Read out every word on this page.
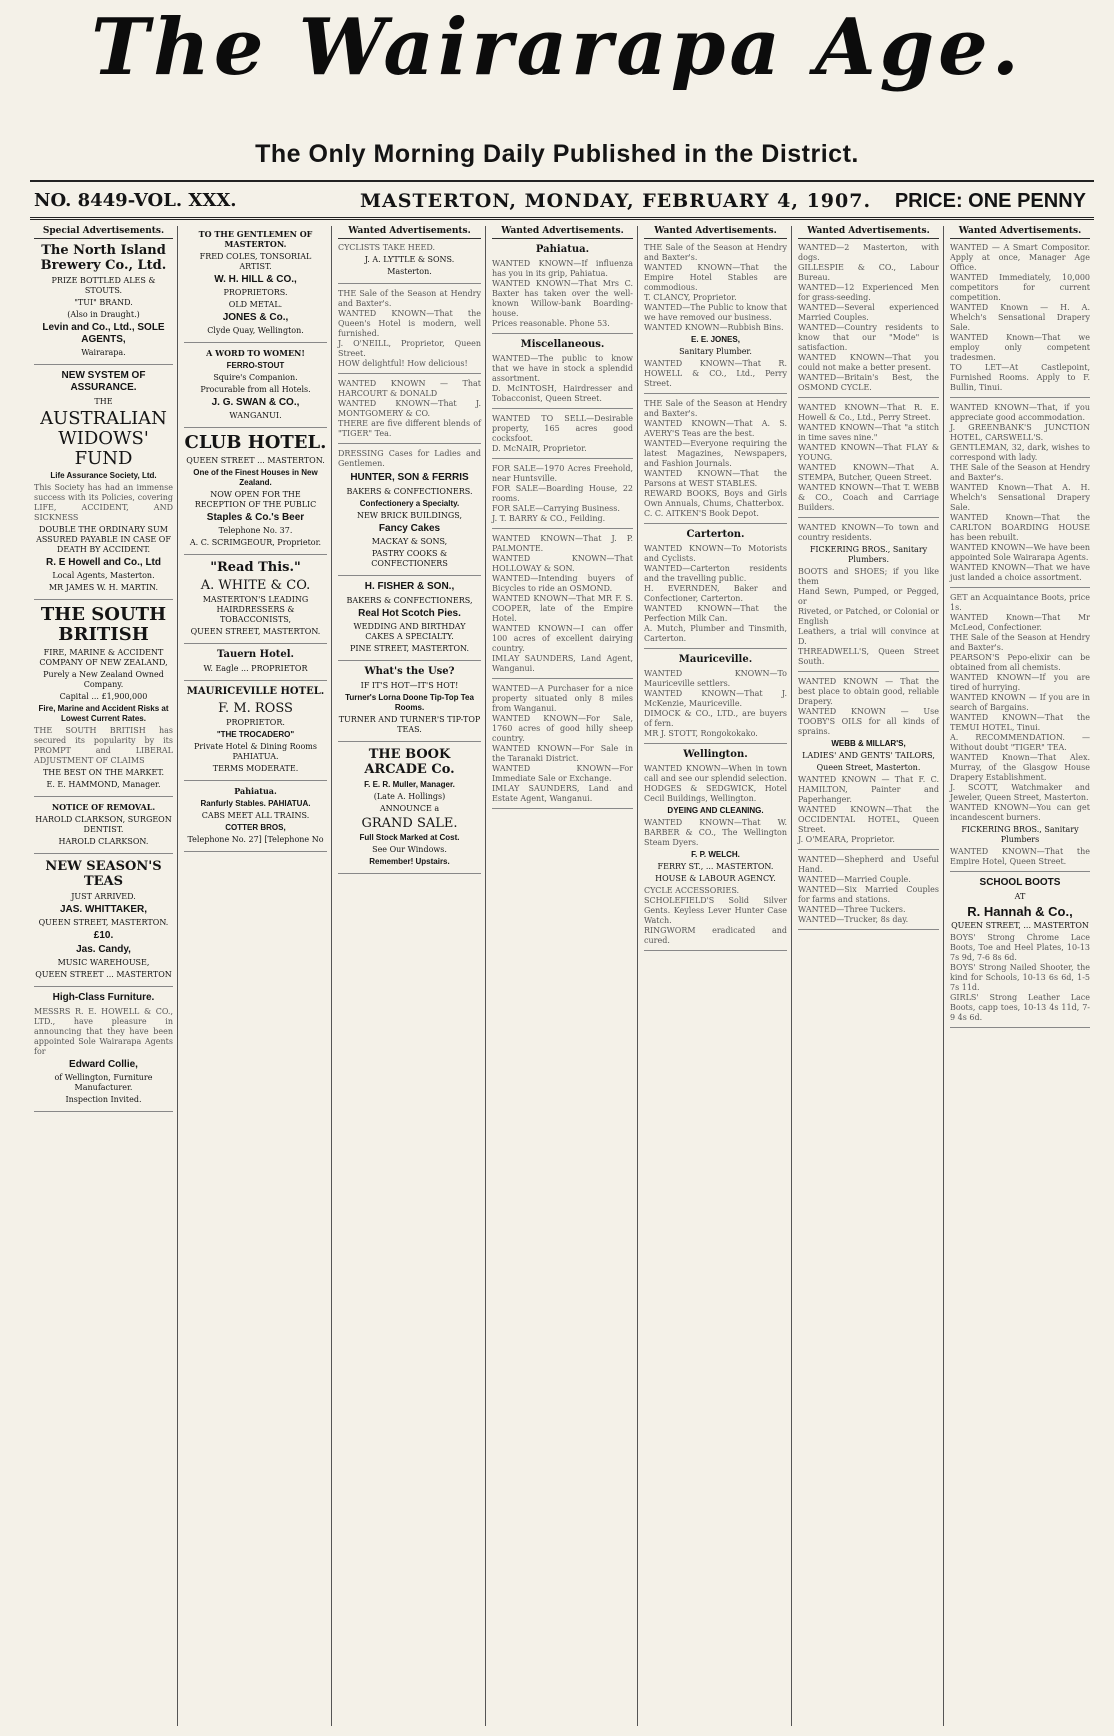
The Wairarapa Age.
The Only Morning Daily Published in the District.
NO. 8449-VOL. XXX.	MASTERTON, MONDAY, FEBRUARY 4, 1907. PRICE: ONE PENNY
Special Advertisements.
The North Island Brewery Co., Ltd.
PRIZE BOTTLED ALES & STOUTS.
"TUI" BRAND.
(Also in Draught.)
Levin and Co., Ltd., SOLE AGENTS,
Wairarapa.
NEW SYSTEM OF ASSURANCE.
THE
AUSTRALIAN WIDOWS' FUND
Life Assurance Society, Ltd.
This Society has had an immense success with its Policies, covering LIFE, ACCIDENT, AND SICKNESS
DOUBLE THE ORDINARY SUM ASSURED PAYABLE IN CASE OF DEATH BY ACCIDENT.
R. E Howell and Co., Ltd
Local Agents, Masterton.
MR JAMES W. H. MARTIN.
THE SOUTH BRITISH
FIRE, MARINE & ACCIDENT COMPANY OF NEW ZEALAND,
Purely a New Zealand Owned Company.
Capital ... £1,900,000
Fire, Marine and Accident Risks at Lowest Current Rates.
THE SOUTH BRITISH has secured its popularity by its PROMPT and LIBERAL ADJUSTMENT OF CLAIMS
THE BEST ON THE MARKET.
E. E. HAMMOND, Manager.
NOTICE OF REMOVAL.
HAROLD CLARKSON, SURGEON DENTIST.
HAROLD CLARKSON.
NEW SEASON'S TEAS
JUST ARRIVED.
JAS. WHITTAKER,
QUEEN STREET, MASTERTON.
£10.
Jas. Candy,
MUSIC WAREHOUSE,
QUEEN STREET ... MASTERTON
High-Class Furniture.
MESSRS R. E. HOWELL & CO., LTD., have pleasure in announcing that they have been appointed Sole Wairarapa Agents for
Edward Collie,
of Wellington, Furniture Manufacturer.
Inspection Invited.
TO THE GENTLEMEN OF MASTERTON.
FRED COLES, TONSORIAL ARTIST.
W. H. HILL & CO.,
PROPRIETORS.
OLD METAL.
JONES & Co.,
Clyde Quay, Wellington.
A WORD TO WOMEN!
FERRO-STOUT
Squire's Companion.
Procurable from all Hotels.
J. G. SWAN & CO.,
WANGANUI.
CLUB HOTEL.
QUEEN STREET ... MASTERTON.
One of the Finest Houses in New Zealand.
NOW OPEN FOR THE RECEPTION OF THE PUBLIC
Staples & Co.'s Beer
Telephone No. 37.
A. C. SCRIMGEOUR, Proprietor.
"Read This."
A. WHITE & CO.
MASTERTON'S LEADING HAIRDRESSERS & TOBACCONISTS,
QUEEN STREET, MASTERTON.
Tauern Hotel.
W. Eagle ... PROPRIETOR
MAURICEVILLE HOTEL.
F. M. ROSS
PROPRIETOR.
"THE TROCADERO"
Private Hotel & Dining Rooms PAHIATUA.
TERMS MODERATE.
Pahiatua.
Ranfurly Stables. PAHIATUA.
CABS MEET ALL TRAINS.
COTTER BROS,
Telephone No. 27] [Telephone No
Wanted Advertisements.
CYCLISTS TAKE HEED.
J. A. LYTTLE & SONS.
Masterton.
THE Sale of the Season at Hendry and Baxter's.
WANTED KNOWN—That the Queen's Hotel is modern, well furnished.
J. O'NEILL, Proprietor, Queen Street.
HOW delightful! How delicious!
WANTED KNOWN — That HARCOURT & DONALD
WANTED KNOWN—That J. MONTGOMERY & CO.
THERE are five different blends of "TIGER" Tea.
DRESSING Cases for Ladies and Gentlemen.
HUNTER, SON & FERRIS
BAKERS & CONFECTIONERS.
Confectionery a Specialty.
NEW BRICK BUILDINGS,
Fancy Cakes
MACKAY & SONS,
PASTRY COOKS & CONFECTIONERS
H. FISHER & SON.,
BAKERS & CONFECTIONERS,
Real Hot Scotch Pies.
WEDDING AND BIRTHDAY CAKES A SPECIALTY.
PINE STREET, MASTERTON.
What's the Use?
IF IT'S HOT—IT'S HOT!
Turner's Lorna Doone Tip-Top Tea Rooms.
TURNER AND TURNER'S TIP-TOP TEAS.
THE BOOK ARCADE Co.
F. E. R. Muller, Manager.
(Late A. Hollings)
ANNOUNCE a
GRAND SALE.
Full Stock Marked at Cost.
See Our Windows.
Remember! Upstairs.
Wanted Advertisements.
Pahiatua.
WANTED KNOWN—If influenza has you in its grip, Pahiatua.
WANTED KNOWN—That Mrs C. Baxter has taken over the well-known Willow-bank Boarding-house.
Prices reasonable. Phone 53.
Miscellaneous.
WANTED—The public to know that we have in stock a splendid assortment.
D. McINTOSH, Hairdresser and Tobacconist, Queen Street.
WANTED TO SELL—Desirable property, 165 acres good cocksfoot.
D. McNAIR, Proprietor.
FOR SALE—1970 Acres Freehold, near Huntsville.
FOR SALE—Boarding House, 22 rooms.
FOR SALE—Carrying Business.
J. T. BARRY & CO., Feilding.
WANTED KNOWN—That J. P. PALMONTE.
WANTED KNOWN—That HOLLOWAY & SON.
WANTED—Intending buyers of Bicycles to ride an OSMOND.
WANTED KNOWN—That MR F. S. COOPER, late of the Empire Hotel.
WANTED KNOWN—I can offer 100 acres of excellent dairying country.
IMLAY SAUNDERS, Land Agent, Wanganui.
WANTED—A Purchaser for a nice property situated only 8 miles from Wanganui.
WANTED KNOWN—For Sale, 1760 acres of good hilly sheep country.
WANTED KNOWN—For Sale in the Taranaki District.
WANTED KNOWN—For Immediate Sale or Exchange.
IMLAY SAUNDERS, Land and Estate Agent, Wanganui.
Wanted Advertisements.
THE Sale of the Season at Hendry and Baxter's.
WANTED KNOWN—That the Empire Hotel Stables are commodious.
T. CLANCY, Proprietor.
WANTED—The Public to know that we have removed our business.
WANTED KNOWN—Rubbish Bins.
E. E. JONES,
Sanitary Plumber.
WANTED KNOWN—That R. HOWELL & CO., Ltd., Perry Street.
THE Sale of the Season at Hendry and Baxter's.
WANTED KNOWN—That A. S. AVERY'S Teas are the best.
WANTED—Everyone requiring the latest Magazines, Newspapers, and Fashion Journals.
WANTED KNOWN—That the Parsons at WEST STABLES.
REWARD BOOKS, Boys and Girls Own Annuals, Chums, Chatterbox.
C. C. AITKEN'S Book Depot.
Carterton.
WANTED KNOWN—To Motorists and Cyclists.
WANTED—Carterton residents and the travelling public.
H. EVERNDEN, Baker and Confectioner, Carterton.
WANTED KNOWN—That the Perfection Milk Can.
A. Mutch, Plumber and Tinsmith, Carterton.
Mauriceville.
WANTED KNOWN—To Mauriceville settlers.
WANTED KNOWN—That J. McKenzie, Mauriceville.
DIMOCK & CO., LTD., are buyers of fern.
MR J. STOTT, Rongokokako.
Wellington.
WANTED KNOWN—When in town call and see our splendid selection.
HODGES & SEDGWICK, Hotel Cecil Buildings, Wellington.
DYEING AND CLEANING.
WANTED KNOWN—That W. BARBER & CO., The Wellington Steam Dyers.
F. P. WELCH.
FERRY ST., ... MASTERTON.
HOUSE & LABOUR AGENCY.
CYCLE ACCESSORIES.
SCHOLEFIELD'S Solid Silver Gents. Keyless Lever Hunter Case Watch.
RINGWORM eradicated and cured.
Wanted Advertisements.
WANTED—2 Masterton, with dogs.
GILLESPIE & CO., Labour Bureau.
WANTED—12 Experienced Men for grass-seeding.
WANTED—Several experienced Married Couples.
WANTED—Country residents to know that our "Mode" is satisfaction.
WANTED KNOWN—That you could not make a better present.
WANTED—Britain's Best, the OSMOND CYCLE.
WANTED KNOWN—That R. E. Howell & Co., Ltd., Perry Street.
WANTED KNOWN—That "a stitch in time saves nine."
WANTED KNOWN—That FLAY & YOUNG.
WANTED KNOWN—That A. STEMPA, Butcher, Queen Street.
WANTED KNOWN—That T. WEBB & CO., Coach and Carriage Builders.
WANTED KNOWN—To town and country residents.
FICKERING BROS., Sanitary Plumbers.
BOOTS and SHOES; if you like them
Hand Sewn, Pumped, or Pegged, or
Riveted, or Patched, or Colonial or English
Leathers, a trial will convince at D.
THREADWELL'S, Queen Street South.
WANTED KNOWN — That the best place to obtain good, reliable Drapery.
WANTED KNOWN — Use TOOBY'S OILS for all kinds of sprains.
WEBB & MILLAR'S,
LADIES' AND GENTS' TAILORS,
Queen Street, Masterton.
WANTED KNOWN — That F. C. HAMILTON, Painter and Paperhanger.
WANTED KNOWN—That the OCCIDENTAL HOTEL, Queen Street.
J. O'MEARA, Proprietor.
WANTED—Shepherd and Useful Hand.
WANTED—Married Couple.
WANTED—Six Married Couples for farms and stations.
WANTED—Three Tuckers.
WANTED—Trucker, 8s day.
Wanted Advertisements.
WANTED — A Smart Compositor. Apply at once, Manager Age Office.
WANTED Immediately, 10,000 competitors for current competition.
WANTED Known — H. A. Whelch's Sensational Drapery Sale.
WANTED Known—That we employ only competent tradesmen.
TO LET—At Castlepoint, Furnished Rooms. Apply to F. Bullin, Tinui.
WANTED KNOWN—That, if you appreciate good accommodation.
J. GREENBANK'S JUNCTION HOTEL, CARSWELL'S.
GENTLEMAN, 32, dark, wishes to correspond with lady.
THE Sale of the Season at Hendry and Baxter's.
WANTED Known—That A. H. Whelch's Sensational Drapery Sale.
WANTED Known—That the CARLTON BOARDING HOUSE has been rebuilt.
WANTED KNOWN—We have been appointed Sole Wairarapa Agents.
WANTED KNOWN—That we have just landed a choice assortment.
GET an Acquaintance Boots, price 1s.
WANTED Known—That Mr McLeod, Confectioner.
THE Sale of the Season at Hendry and Baxter's.
PEARSON'S Pepo-elixir can be obtained from all chemists.
WANTED KNOWN—If you are tired of hurrying.
WANTED KNOWN — If you are in search of Bargains.
WANTED KNOWN—That the TEMUI HOTEL, Tinui.
A. RECOMMENDATION. — Without doubt "TIGER" TEA.
WANTED Known—That Alex. Murray, of the Glasgow House Drapery Establishment.
J. SCOTT, Watchmaker and Jeweler, Queen Street, Masterton.
WANTED KNOWN—You can get incandescent burners.
FICKERING BROS., Sanitary Plumbers
WANTED KNOWN—That the Empire Hotel, Queen Street.
SCHOOL BOOTS
AT
R. Hannah & Co.,
QUEEN STREET, ... MASTERTON
BOYS' Strong Chrome Lace Boots, Toe and Heel Plates, 10-13 7s 9d, 7-6 8s 6d.
BOYS' Strong Nailed Shooter, the kind for Schools, 10-13 6s 6d, 1-5 7s 11d.
GIRLS' Strong Leather Lace Boots, capp toes, 10-13 4s 11d, 7-9 4s 6d.
